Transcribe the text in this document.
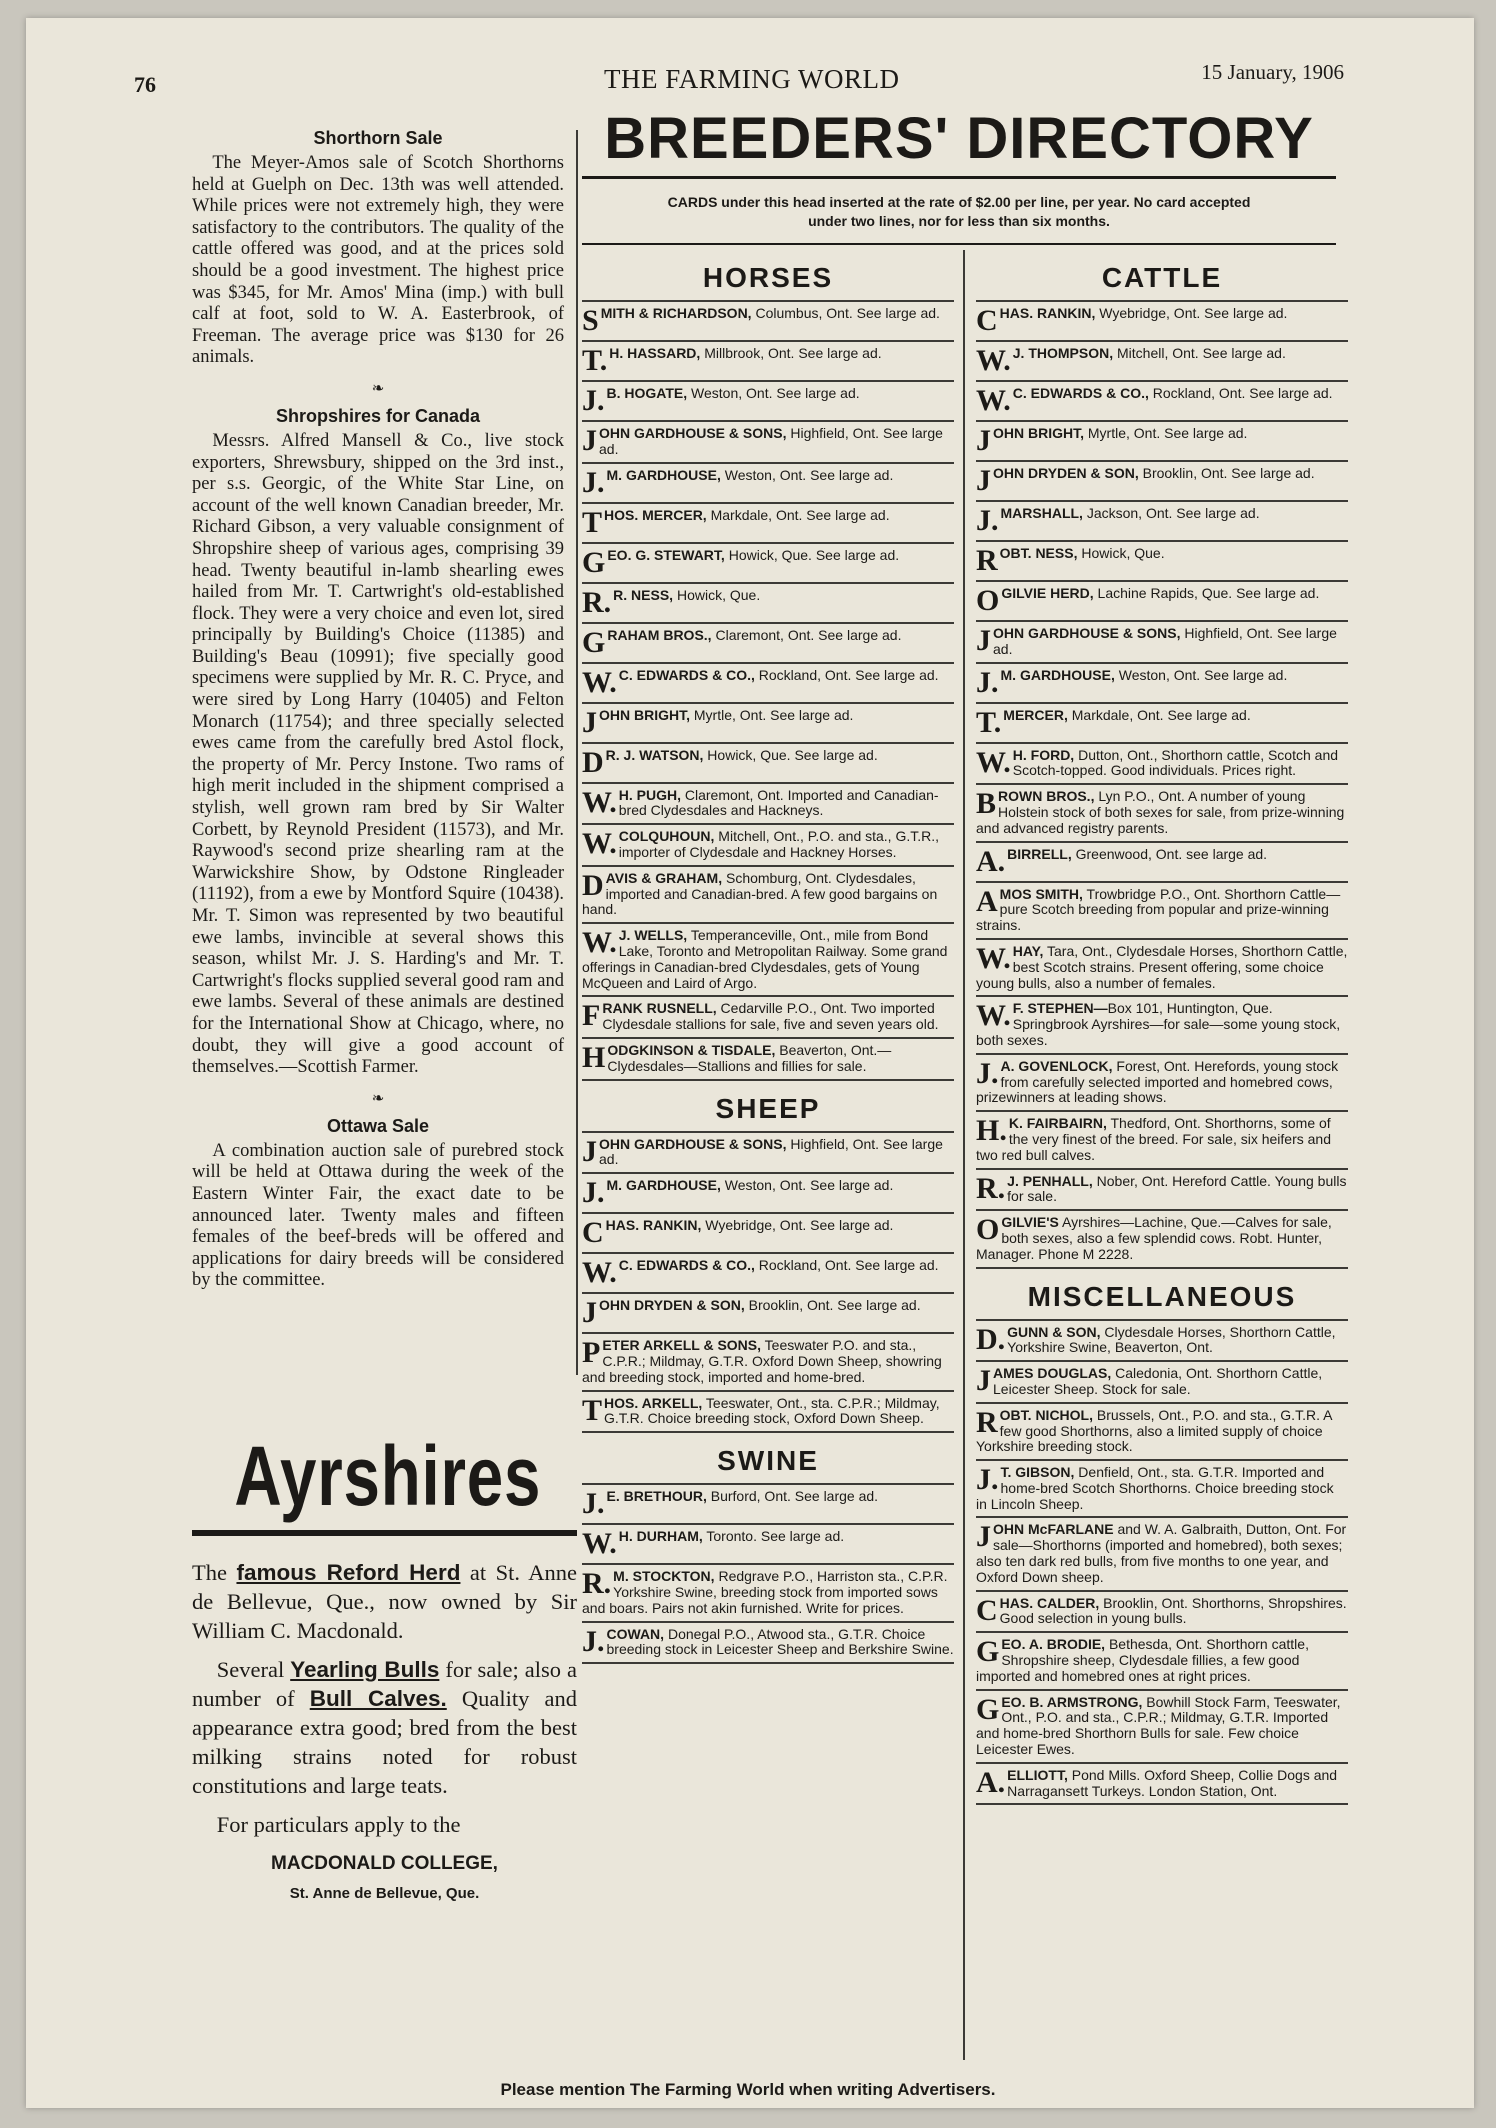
76	THE FARMING WORLD	15 January, 1906
Shorthorn Sale

The Meyer-Amos sale of Scotch Shorthorns held at Guelph on Dec. 13th was well attended. While prices were not extremely high, they were satisfactory to the contributors. The quality of the cattle offered was good, and at the prices sold should be a good investment. The highest price was $345, for Mr. Amos' Mina (imp.) with bull calf at foot, sold to W. A. Easterbrook, of Freeman. The average price was $130 for 26 animals.

❧
Shropshires for Canada

Messrs. Alfred Mansell & Co., live stock exporters, Shrewsbury, shipped on the 3rd inst., per s.s. Georgic, of the White Star Line, on account of the well known Canadian breeder, Mr. Richard Gibson, a very valuable consignment of Shropshire sheep of various ages, comprising 39 head. Twenty beautiful in-lamb shearling ewes hailed from Mr. T. Cartwright's old-established flock. They were a very choice and even lot, sired principally by Building's Choice (11385) and Building's Beau (10991); five specially good specimens were supplied by Mr. R. C. Pryce, and were sired by Long Harry (10405) and Felton Monarch (11754); and three specially selected ewes came from the carefully bred Astol flock, the property of Mr. Percy Instone. Two rams of high merit included in the shipment comprised a stylish, well grown ram bred by Sir Walter Corbett, by Reynold President (11573), and Mr. Raywood's second prize shearling ram at the Warwickshire Show, by Odstone Ringleader (11192), from a ewe by Montford Squire (10438). Mr. T. Simon was represented by two beautiful ewe lambs, invincible at several shows this season, whilst Mr. J. S. Harding's and Mr. T. Cartwright's flocks supplied several good ram and ewe lambs. Several of these animals are destined for the International Show at Chicago, where, no doubt, they will give a good account of themselves.—Scottish Farmer.

❧
Ottawa Sale

A combination auction sale of purebred stock will be held at Ottawa during the week of the Eastern Winter Fair, the exact date to be announced later. Twenty males and fifteen females of the beef-breds will be offered and applications for dairy breeds will be considered by the committee.

Ayrshires

The famous Reford Herd at St. Anne de Bellevue, Que., now owned by Sir William C. Macdonald.

Several Yearling Bulls for sale; also a number of Bull Calves. Quality and appearance extra good; bred from the best milking strains noted for robust constitutions and large teats.

For particulars apply to the

MACDONALD COLLEGE,
St. Anne de Bellevue, Que.
BREEDERS' DIRECTORY
CARDS under this head inserted at the rate of $2.00 per line, per year. No card accepted
under two lines, nor for less than six months.
HORSES
SMITH & RICHARDSON, Columbus, Ont. See large ad.
T. H. HASSARD, Millbrook, Ont. See large ad.
J. B. HOGATE, Weston, Ont. See large ad.
JOHN GARDHOUSE & SONS, Highfield, Ont. See large ad.
J. M. GARDHOUSE, Weston, Ont. See large ad.
THOS. MERCER, Markdale, Ont. See large ad.
GEO. G. STEWART, Howick, Que. See large ad.
R. R. NESS, Howick, Que.
GRAHAM BROS., Claremont, Ont. See large ad.
W. C. EDWARDS & CO., Rockland, Ont. See large ad.
JOHN BRIGHT, Myrtle, Ont. See large ad.
D R. J. WATSON, Howick, Que. See large ad.
W. H. PUGH, Claremont, Ont. Imported and Canadian-bred Clydesdales and Hackneys.
W. COLQUHOUN, Mitchell, Ont., P.O. and sta., G.T.R., importer of Clydesdale and Hackney Horses.
DAVIS & GRAHAM, Schomburg, Ont. Clydesdales, imported and Canadian-bred. A few good bargains on hand.
W. J. WELLS, Temperanceville, Ont., mile from Bond Lake, Toronto and Metropolitan Railway. Some grand offerings in Canadian-bred Clydesdales, gets of Young McQueen and Laird of Argo.
FRANK RUSNELL, Cedarville P.O., Ont. Two imported Clydesdale stallions for sale, five and seven years old.
HODGKINSON & TISDALE, Beaverton, Ont.—Clydesdales—Stallions and fillies for sale.
SHEEP
JOHN GARDHOUSE & SONS, Highfield, Ont. See large ad.
J. M. GARDHOUSE, Weston, Ont. See large ad.
CHAS. RANKIN, Wyebridge, Ont. See large ad.
W. C. EDWARDS & CO., Rockland, Ont. See large ad.
JOHN DRYDEN & SON, Brooklin, Ont. See large ad.
PETER ARKELL & SONS, Teeswater P.O. and sta., C.P.R.; Mildmay, G.T.R. Oxford Down Sheep, showring and breeding stock, imported and home-bred.
THOS. ARKELL, Teeswater, Ont., sta. C.P.R.; Mildmay, G.T.R. Choice breeding stock, Oxford Down Sheep.
SWINE
J. E. BRETHOUR, Burford, Ont. See large ad.
W. H. DURHAM, Toronto. See large ad.
R. M. STOCKTON, Redgrave P.O., Harriston sta., C.P.R. Yorkshire Swine, breeding stock from imported sows and boars. Pairs not akin furnished. Write for prices.
J. COWAN, Donegal P.O., Atwood sta., G.T.R. Choice breeding stock in Leicester Sheep and Berkshire Swine.
CATTLE
CHAS. RANKIN, Wyebridge, Ont. See large ad.
W. J. THOMPSON, Mitchell, Ont. See large ad.
W. C. EDWARDS & CO., Rockland, Ont. See large ad.
JOHN BRIGHT, Myrtle, Ont. See large ad.
JOHN DRYDEN & SON, Brooklin, Ont. See large ad.
J. MARSHALL, Jackson, Ont. See large ad.
ROBT. NESS, Howick, Que.
OGILVIE HERD, Lachine Rapids, Que. See large ad.
JOHN GARDHOUSE & SONS, Highfield, Ont. See large ad.
J. M. GARDHOUSE, Weston, Ont. See large ad.
T. MERCER, Markdale, Ont. See large ad.
W. H. FORD, Dutton, Ont., Shorthorn cattle, Scotch and Scotch-topped. Good individuals. Prices right.
BROWN BROS., Lyn P.O., Ont. A number of young Holstein stock of both sexes for sale, from prize-winning and advanced registry parents.
A. BIRRELL, Greenwood, Ont. see large ad.
AMOS SMITH, Trowbridge P.O., Ont. Shorthorn Cattle—pure Scotch breeding from popular and prize-winning strains.
W. HAY, Tara, Ont., Clydesdale Horses, Shorthorn Cattle, best Scotch strains. Present offering, some choice young bulls, also a number of females.
W. F. STEPHEN—Box 101, Huntington, Que. Springbrook Ayrshires—for sale—some young stock, both sexes.
J. A. GOVENLOCK, Forest, Ont. Herefords, young stock from carefully selected imported and homebred cows, prizewinners at leading shows.
H. K. FAIRBAIRN, Thedford, Ont. Shorthorns, some of the very finest of the breed. For sale, six heifers and two red bull calves.
R. J. PENHALL, Nober, Ont. Hereford Cattle. Young bulls for sale.
OGILVIE'S Ayrshires—Lachine, Que.—Calves for sale, both sexes, also a few splendid cows. Robt. Hunter, Manager. Phone M 2228.
MISCELLANEOUS
D. GUNN & SON, Clydesdale Horses, Shorthorn Cattle, Yorkshire Swine, Beaverton, Ont.
JAMES DOUGLAS, Caledonia, Ont. Shorthorn Cattle, Leicester Sheep. Stock for sale.
ROBT. NICHOL, Brussels, Ont., P.O. and sta., G.T.R. A few good Shorthorns, also a limited supply of choice Yorkshire breeding stock.
J. T. GIBSON, Denfield, Ont., sta. G.T.R. Imported and home-bred Scotch Shorthorns. Choice breeding stock in Lincoln Sheep.
JOHN McFARLANE and W. A. Galbraith, Dutton, Ont. For sale—Shorthorns (imported and homebred), both sexes; also ten dark red bulls, from five months to one year, and Oxford Down sheep.
CHAS. CALDER, Brooklin, Ont. Shorthorns, Shropshires. Good selection in young bulls.
GEO. A. BRODIE, Bethesda, Ont. Shorthorn cattle, Shropshire sheep, Clydesdale fillies, a few good imported and homebred ones at right prices.
GEO. B. ARMSTRONG, Bowhill Stock Farm, Teeswater, Ont., P.O. and sta., C.P.R.; Mildmay, G.T.R. Imported and home-bred Shorthorn Bulls for sale. Few choice Leicester Ewes.
A. ELLIOTT, Pond Mills. Oxford Sheep, Collie Dogs and Narragansett Turkeys. London Station, Ont.
Please mention The Farming World when writing Advertisers.
